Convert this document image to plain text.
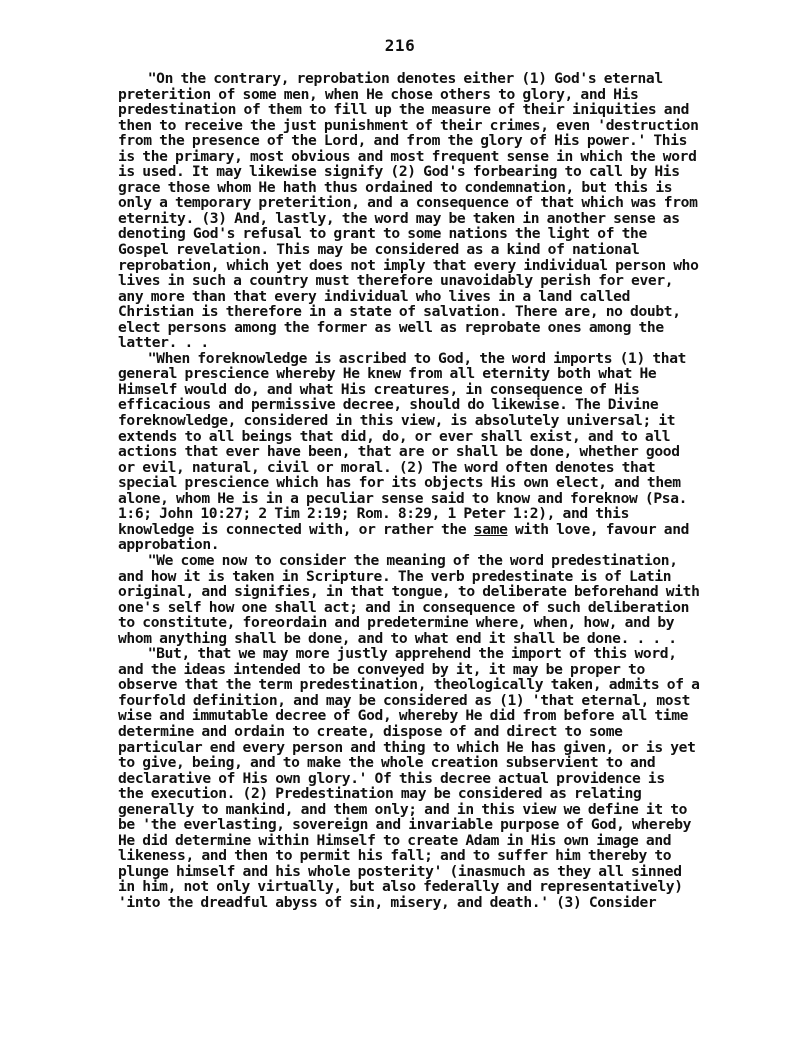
216
"On the contrary, reprobation denotes either (1) God's eternal
preterition of some men, when He chose others to glory, and His
predestination of them to fill up the measure of their iniquities and
then to receive the just punishment of their crimes, even 'destruction
from the presence of the Lord, and from the glory of His power.' This
is the primary, most obvious and most frequent sense in which the word
is used. It may likewise signify (2) God's forbearing to call by His
grace those whom He hath thus ordained to condemnation, but this is
only a temporary preterition, and a consequence of that which was from
eternity. (3) And, lastly, the word may be taken in another sense as
denoting God's refusal to grant to some nations the light of the
Gospel revelation. This may be considered as a kind of national
reprobation, which yet does not imply that every individual person who
lives in such a country must therefore unavoidably perish for ever,
any more than that every individual who lives in a land called
Christian is therefore in a state of salvation. There are, no doubt,
elect persons among the former as well as reprobate ones among the
latter. . .
"When foreknowledge is ascribed to God, the word imports (1) that
general prescience whereby He knew from all eternity both what He
Himself would do, and what His creatures, in consequence of His
efficacious and permissive decree, should do likewise. The Divine
foreknowledge, considered in this view, is absolutely universal; it
extends to all beings that did, do, or ever shall exist, and to all
actions that ever have been, that are or shall be done, whether good
or evil, natural, civil or moral. (2) The word often denotes that
special prescience which has for its objects His own elect, and them
alone, whom He is in a peculiar sense said to know and foreknow (Psa.
1:6; John 10:27; 2 Tim 2:19; Rom. 8:29, 1 Peter 1:2), and this
knowledge is connected with, or rather the same with love, favour and
approbation.
"We come now to consider the meaning of the word predestination,
and how it is taken in Scripture. The verb predestinate is of Latin
original, and signifies, in that tongue, to deliberate beforehand with
one's self how one shall act; and in consequence of such deliberation
to constitute, foreordain and predetermine where, when, how, and by
whom anything shall be done, and to what end it shall be done. . . .
"But, that we may more justly apprehend the import of this word,
and the ideas intended to be conveyed by it, it may be proper to
observe that the term predestination, theologically taken, admits of a
fourfold definition, and may be considered as (1) 'that eternal, most
wise and immutable decree of God, whereby He did from before all time
determine and ordain to create, dispose of and direct to some
particular end every person and thing to which He has given, or is yet
to give, being, and to make the whole creation subservient to and
declarative of His own glory.' Of this decree actual providence is
the execution. (2) Predestination may be considered as relating
generally to mankind, and them only; and in this view we define it to
be 'the everlasting, sovereign and invariable purpose of God, whereby
He did determine within Himself to create Adam in His own image and
likeness, and then to permit his fall; and to suffer him thereby to
plunge himself and his whole posterity' (inasmuch as they all sinned
in him, not only virtually, but also federally and representatively)
'into the dreadful abyss of sin, misery, and death.' (3) Consider
